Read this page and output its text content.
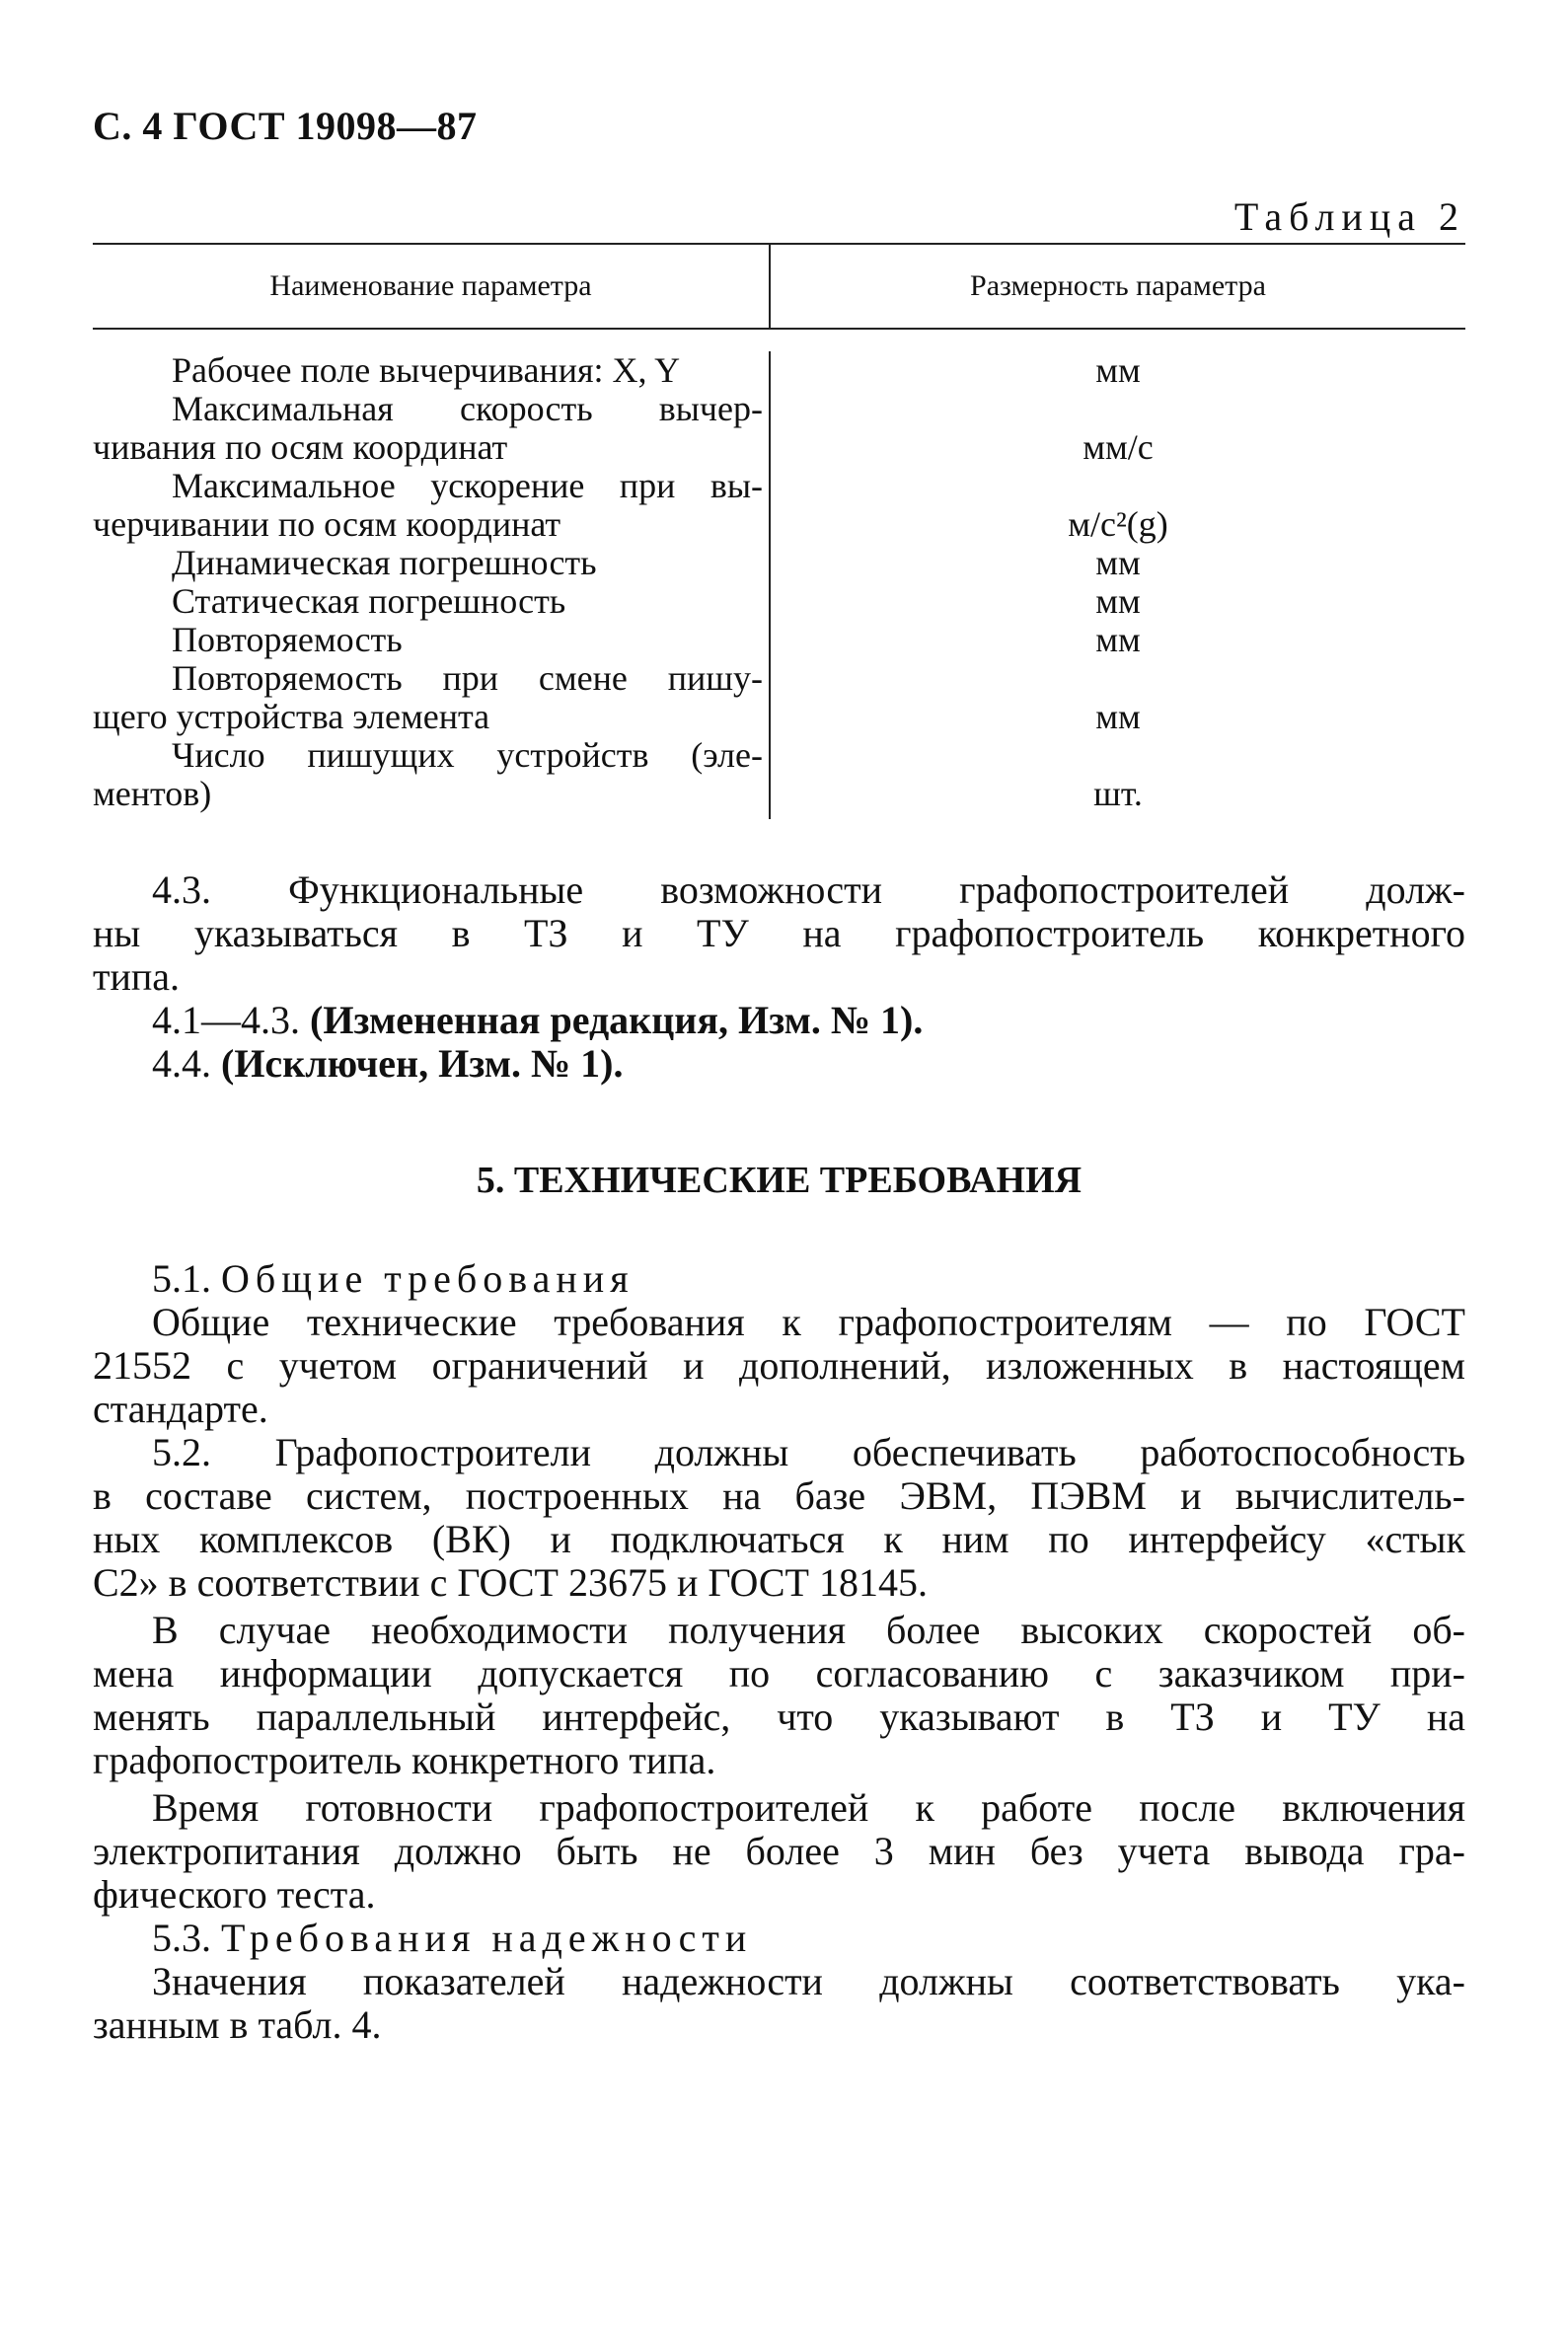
С. 4 ГОСТ 19098—87
Таблица 2
Наименование параметра	Размерность параметра
Рабочее поле вычерчивания: X, Y	мм
Максимальная скорость вычер-
чивания по осям координат	мм/с
Максимальное ускорение при вы-
черчивании по осям координат	м/с²(g)
Динамическая погрешность	мм
Статическая погрешность	мм
Повторяемость	мм
Повторяемость при смене пишу-
щего устройства элемента	мм
Число пишущих устройств (эле-
ментов)	шт.

4.3. Функциональные возможности графопостроителей долж-
ны указываться в ТЗ и ТУ на графопостроитель конкретного
типа.

4.1—4.3. (Измененная редакция, Изм. № 1).

4.4. (Исключен, Изм. № 1).

5. ТЕХНИЧЕСКИЕ ТРЕБОВАНИЯ

5.1. Общие требования

Общие технические требования к графопостроителям — по ГОСТ
21552 с учетом ограничений и дополнений, изложенных в настоящем
стандарте.

5.2. Графопостроители должны обеспечивать работоспособность
в составе систем, построенных на базе ЭВМ, ПЭВМ и вычислитель-
ных комплексов (ВК) и подключаться к ним по интерфейсу «стык
С2» в соответствии с ГОСТ 23675 и ГОСТ 18145.

В случае необходимости получения более высоких скоростей об-
мена информации допускается по согласованию с заказчиком при-
менять параллельный интерфейс, что указывают в ТЗ и ТУ на
графопостроитель конкретного типа.

Время готовности графопостроителей к работе после включения
электропитания должно быть не более 3 мин без учета вывода гра-
фического теста.

5.3. Требования надежности

Значения показателей надежности должны соответствовать ука-
занным в табл. 4.
